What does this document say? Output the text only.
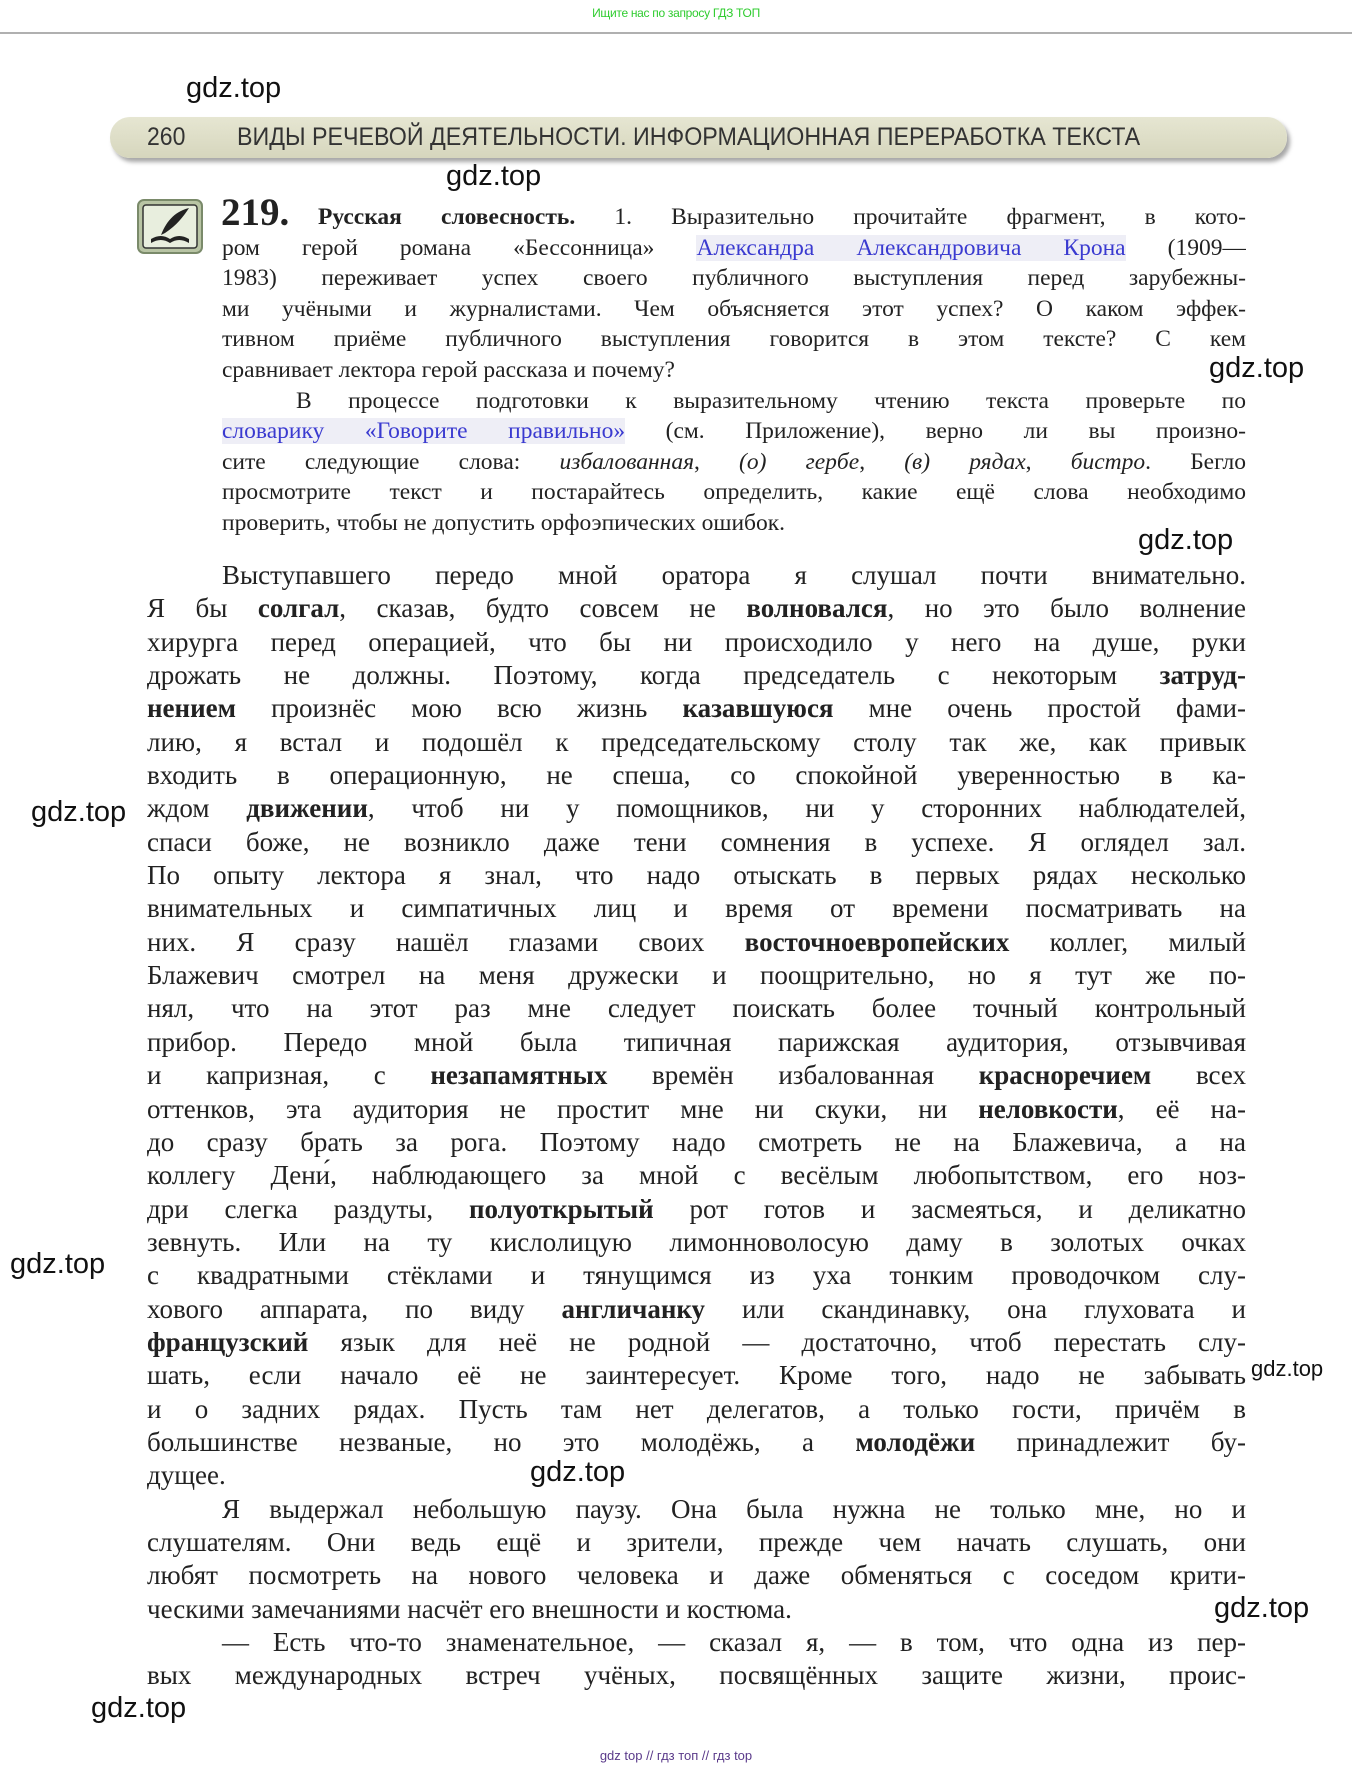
Ищите нас по запросу ГДЗ ТОП
260 ВИДЫ РЕЧЕВОЙ ДЕЯТЕЛЬНОСТИ. ИНФОРМАЦИОННАЯ ПЕРЕРАБОТКА ТЕКСТА
219.	Русская словесность. 1. Выразительно прочитайте фрагмент, в кото-
ром герой романа «Бессонница» Александра Александровича Крона (1909—
1983) переживает успех своего публичного выступления перед зарубежны-
ми учёными и журналистами. Чем объясняется этот успех? О каком эффек-
тивном приёме публичного выступления говорится в этом тексте? С кем
сравнивает лектора герой рассказа и почему?
В процессе подготовки к выразительному чтению текста проверьте по
словарику «Говорите правильно» (см. Приложение), верно ли вы произно-
сите следующие слова: избалованная, (о) гербе, (в) рядах, бистро. Бегло
просмотрите текст и постарайтесь определить, какие ещё слова необходимо
проверить, чтобы не допустить орфоэпических ошибок.
Выступавшего передо мной оратора я слушал почти внимательно.
Я бы солгал, сказав, будто совсем не волновался, но это было волнение
хирурга перед операцией, что бы ни происходило у него на душе, руки
дрожать не должны. Поэтому, когда председатель с некоторым затруд-
нением произнёс мою всю жизнь казавшуюся мне очень простой фами-
лию, я встал и подошёл к председательскому столу так же, как привык
входить в операционную, не спеша, со спокойной уверенностью в ка-
ждом движении, чтоб ни у помощников, ни у сторонних наблюдателей,
спаси боже, не возникло даже тени сомнения в успехе. Я оглядел зал.
По опыту лектора я знал, что надо отыскать в первых рядах несколько
внимательных и симпатичных лиц и время от времени посматривать на
них. Я сразу нашёл глазами своих восточноевропейских коллег, милый
Блажевич смотрел на меня дружески и поощрительно, но я тут же по-
нял, что на этот раз мне следует поискать более точный контрольный
прибор. Передо мной была типичная парижская аудитория, отзывчивая
и капризная, с незапамятных времён избалованная красноречием всех
оттенков, эта аудитория не простит мне ни скуки, ни неловкости, её на-
до сразу брать за рога. Поэтому надо смотреть не на Блажевича, а на
коллегу Дени́, наблюдающего за мной с весёлым любопытством, его ноз-
дри слегка раздуты, полуоткрытый рот готов и засмеяться, и деликатно
зевнуть. Или на ту кислолицую лимонноволосую даму в золотых очках
с квадратными стёклами и тянущимся из уха тонким проводочком слу-
хового аппарата, по виду англичанку или скандинавку, она глуховата и
французский язык для неё не родной — достаточно, чтоб перестать слу-
шать, если начало её не заинтересует. Кроме того, надо не забывать
и о задних рядах. Пусть там нет делегатов, а только гости, причём в
большинстве незваные, но это молодёжь, а молодёжи принадлежит бу-
дущее.
Я выдержал небольшую паузу. Она была нужна не только мне, но и
слушателям. Они ведь ещё и зрители, прежде чем начать слушать, они
любят посмотреть на нового человека и даже обменяться с соседом крити-
ческими замечаниями насчёт его внешности и костюма.
— Есть что-то знаменательное, — сказал я, — в том, что одна из пер-
вых международных встреч учёных, посвящённых защите жизни, проис-
gdz.top
gdz.top
gdz.top
gdz.top
gdz.top
gdz.top
gdz.top
gdz.top
gdz.top
gdz.top
gdz top // гдз топ // гдз top
